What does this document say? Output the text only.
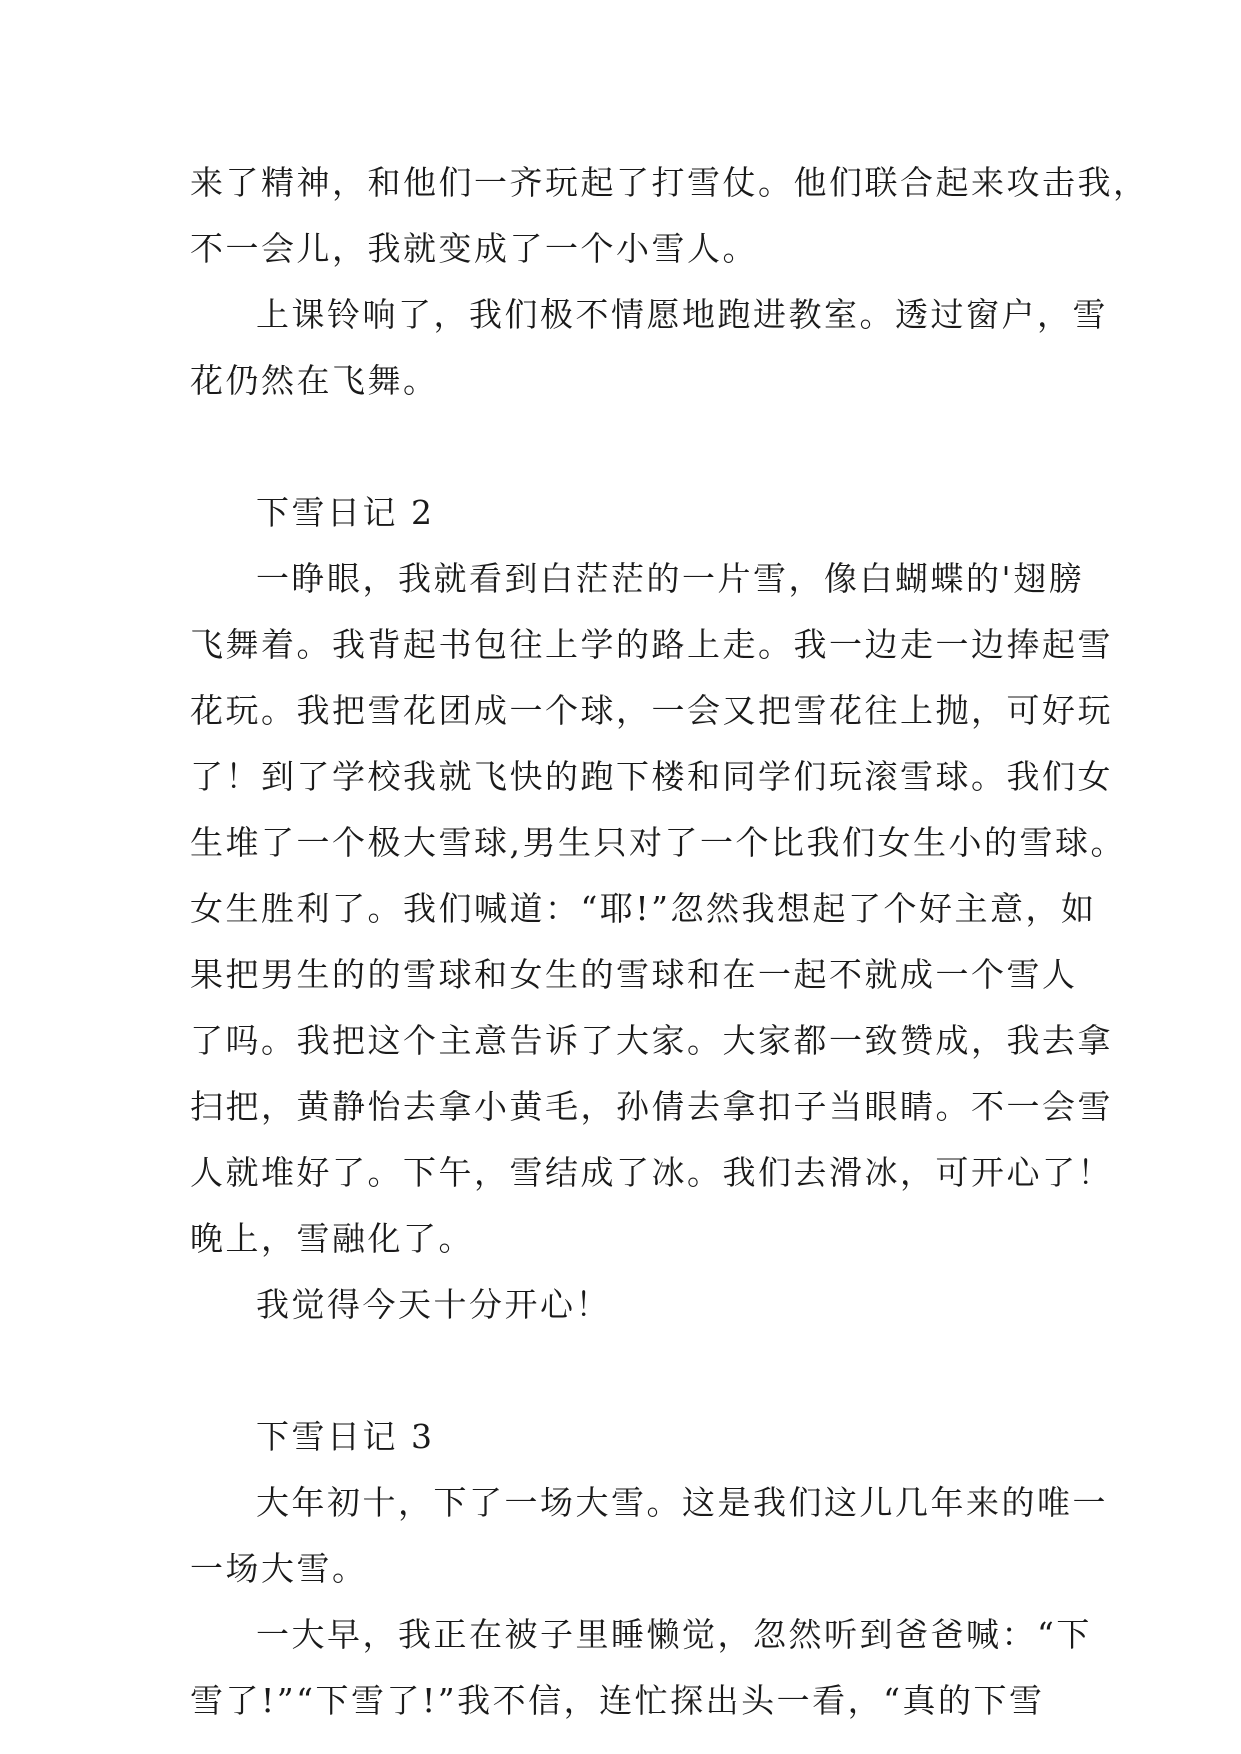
来了精神，和他们一齐玩起了打雪仗。他们联合起来攻击我，
不一会儿，我就变成了一个小雪人。
上课铃响了，我们极不情愿地跑进教室。透过窗户，雪
花仍然在飞舞。
下雪日记 2
一睁眼，我就看到白茫茫的一片雪，像白蝴蝶的'翅膀
飞舞着。我背起书包往上学的路上走。我一边走一边捧起雪
花玩。我把雪花团成一个球，一会又把雪花往上抛，可好玩
了！到了学校我就飞快的跑下楼和同学们玩滚雪球。我们女
生堆了一个极大雪球,男生只对了一个比我们女生小的雪球。
女生胜利了。我们喊道：“耶!”忽然我想起了个好主意，如
果把男生的的雪球和女生的雪球和在一起不就成一个雪人
了吗。我把这个主意告诉了大家。大家都一致赞成，我去拿
扫把，黄静怡去拿小黄毛，孙倩去拿扣子当眼睛。不一会雪
人就堆好了。下午，雪结成了冰。我们去滑冰，可开心了！
晚上，雪融化了。
我觉得今天十分开心！
下雪日记 3
大年初十，下了一场大雪。这是我们这儿几年来的唯一
一场大雪。
一大早，我正在被子里睡懒觉，忽然听到爸爸喊：“下
雪了!”“下雪了!”我不信，连忙探出头一看，“真的下雪
